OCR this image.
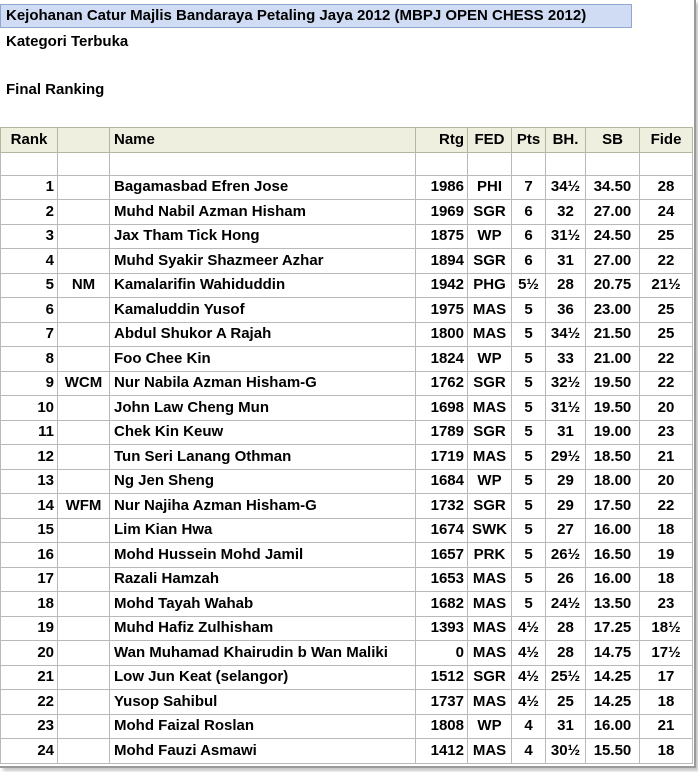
Kejohanan Catur Majlis Bandaraya Petaling Jaya 2012 (MBPJ OPEN CHESS 2012)
Kategori Terbuka
Final Ranking
Rank		Name	Rtg	FED	Pts	BH.	SB	Fide

1		Bagamasbad Efren Jose	1986	PHI	7	34½	34.50	28
2		Muhd Nabil Azman Hisham	1969	SGR	6	32	27.00	24
3		Jax Tham Tick Hong	1875	WP	6	31½	24.50	25
4		Muhd Syakir Shazmeer Azhar	1894	SGR	6	31	27.00	22
5	NM	Kamalarifin Wahiduddin	1942	PHG	5½	28	20.75	21½
6		Kamaluddin Yusof	1975	MAS	5	36	23.00	25
7		Abdul Shukor A Rajah	1800	MAS	5	34½	21.50	25
8		Foo Chee Kin	1824	WP	5	33	21.00	22
9	WCM	Nur Nabila Azman Hisham-G	1762	SGR	5	32½	19.50	22
10		John Law Cheng Mun	1698	MAS	5	31½	19.50	20
11		Chek Kin Keuw	1789	SGR	5	31	19.00	23
12		Tun Seri Lanang Othman	1719	MAS	5	29½	18.50	21
13		Ng Jen Sheng	1684	WP	5	29	18.00	20
14	WFM	Nur Najiha Azman Hisham-G	1732	SGR	5	29	17.50	22
15		Lim Kian Hwa	1674	SWK	5	27	16.00	18
16		Mohd Hussein Mohd Jamil	1657	PRK	5	26½	16.50	19
17		Razali Hamzah	1653	MAS	5	26	16.00	18
18		Mohd Tayah Wahab	1682	MAS	5	24½	13.50	23
19		Muhd Hafiz Zulhisham	1393	MAS	4½	28	17.25	18½
20		Wan Muhamad Khairudin b Wan Maliki	0	MAS	4½	28	14.75	17½
21		Low Jun Keat (selangor)	1512	SGR	4½	25½	14.25	17
22		Yusop Sahibul	1737	MAS	4½	25	14.25	18
23		Mohd Faizal Roslan	1808	WP	4	31	16.00	21
24		Mohd Fauzi Asmawi	1412	MAS	4	30½	15.50	18
